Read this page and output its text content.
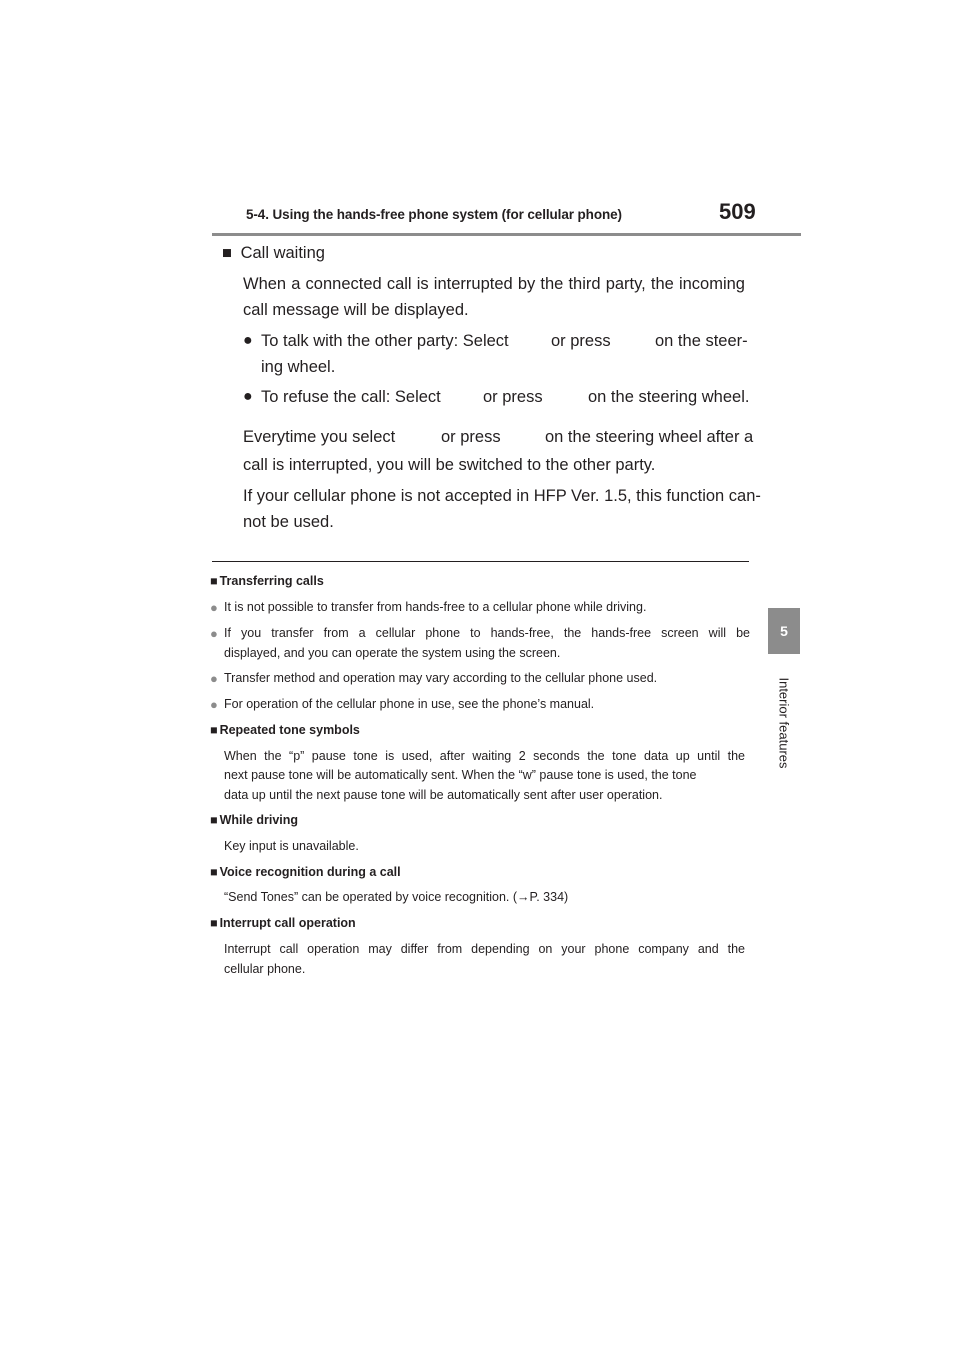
5-4. Using the hands-free phone system (for cellular phone)	509
5
Interior features
■ Call waiting
When a connected call is interrupted by the third party, the incoming
call message will be displayed.
● To talk with the other party: Select	or press	on the steer-
ing wheel.
● To refuse the call: Select	or press	on the steering wheel.
Everytime you select	or press	on the steering wheel after a
call is interrupted, you will be switched to the other party.
If your cellular phone is not accepted in HFP Ver. 1.5, this function can-
not be used.
■ Transferring calls
● It is not possible to transfer from hands-free to a cellular phone while driving.
● If you transfer from a cellular phone to hands-free, the hands-free screen will be
displayed, and you can operate the system using the screen.
● Transfer method and operation may vary according to the cellular phone used.
● For operation of the cellular phone in use, see the phone’s manual.
■ Repeated tone symbols
When the “p” pause tone is used, after waiting 2 seconds the tone data up until the
next pause tone will be automatically sent. When the “w” pause tone is used, the tone
data up until the next pause tone will be automatically sent after user operation.
■ While driving
Key input is unavailable.
■ Voice recognition during a call
“Send Tones” can be operated by voice recognition. (→P. 334)
■ Interrupt call operation
Interrupt call operation may differ from depending on your phone company and the
cellular phone.
